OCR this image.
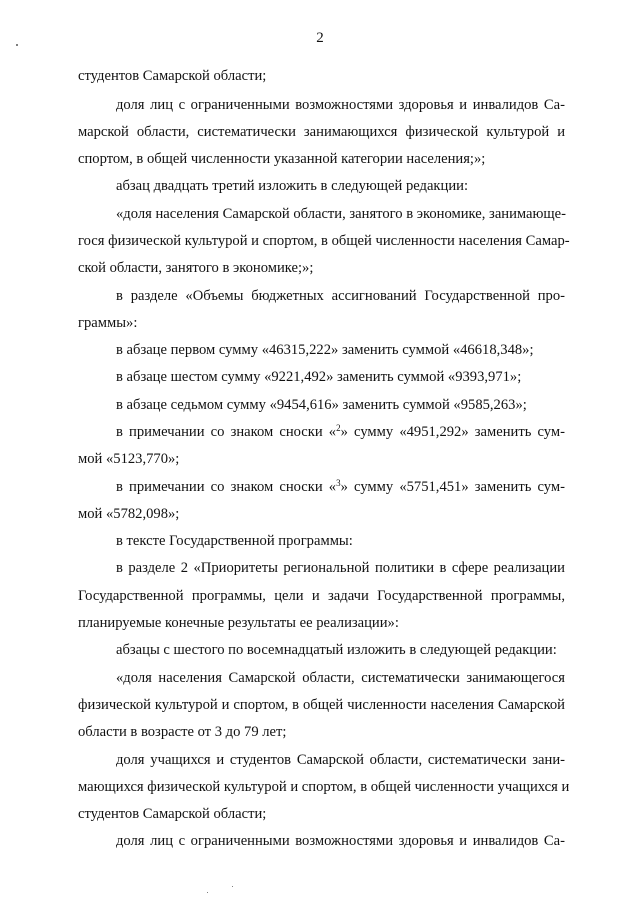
2
студентов Самарской области;
доля лиц с ограниченными возможностями здоровья и инвалидов Са-
марской области, систематически занимающихся физической культурой и
спортом, в общей численности указанной категории населения;»;
абзац двадцать третий изложить в следующей редакции:
«доля населения Самарской области, занятого в экономике, занимающе-
гося физической культурой и спортом, в общей численности населения Самар-
ской области, занятого в экономике;»;
в разделе «Объемы бюджетных ассигнований Государственной про-
граммы»:
в абзаце первом сумму «46315,222» заменить суммой «46618,348»;
в абзаце шестом сумму «9221,492» заменить суммой «9393,971»;
в абзаце седьмом сумму «9454,616» заменить суммой «9585,263»;
в примечании со знаком сноски «$^2$» сумму «4951,292» заменить сум-
мой «5123,770»;
в примечании со знаком сноски «$^3$» сумму «5751,451» заменить сум-
мой «5782,098»;
в тексте Государственной программы:
в разделе 2 «Приоритеты региональной политики в сфере реализации
Государственной программы, цели и задачи Государственной программы,
планируемые конечные результаты ее реализации»:
абзацы с шестого по восемнадцатый изложить в следующей редакции:
«доля населения Самарской области, систематически занимающегося
физической культурой и спортом, в общей численности населения Самарской
области в возрасте от 3 до 79 лет;
доля учащихся и студентов Самарской области, систематически зани-
мающихся физической культурой и спортом, в общей численности учащихся и
студентов Самарской области;
доля лиц с ограниченными возможностями здоровья и инвалидов Са-
